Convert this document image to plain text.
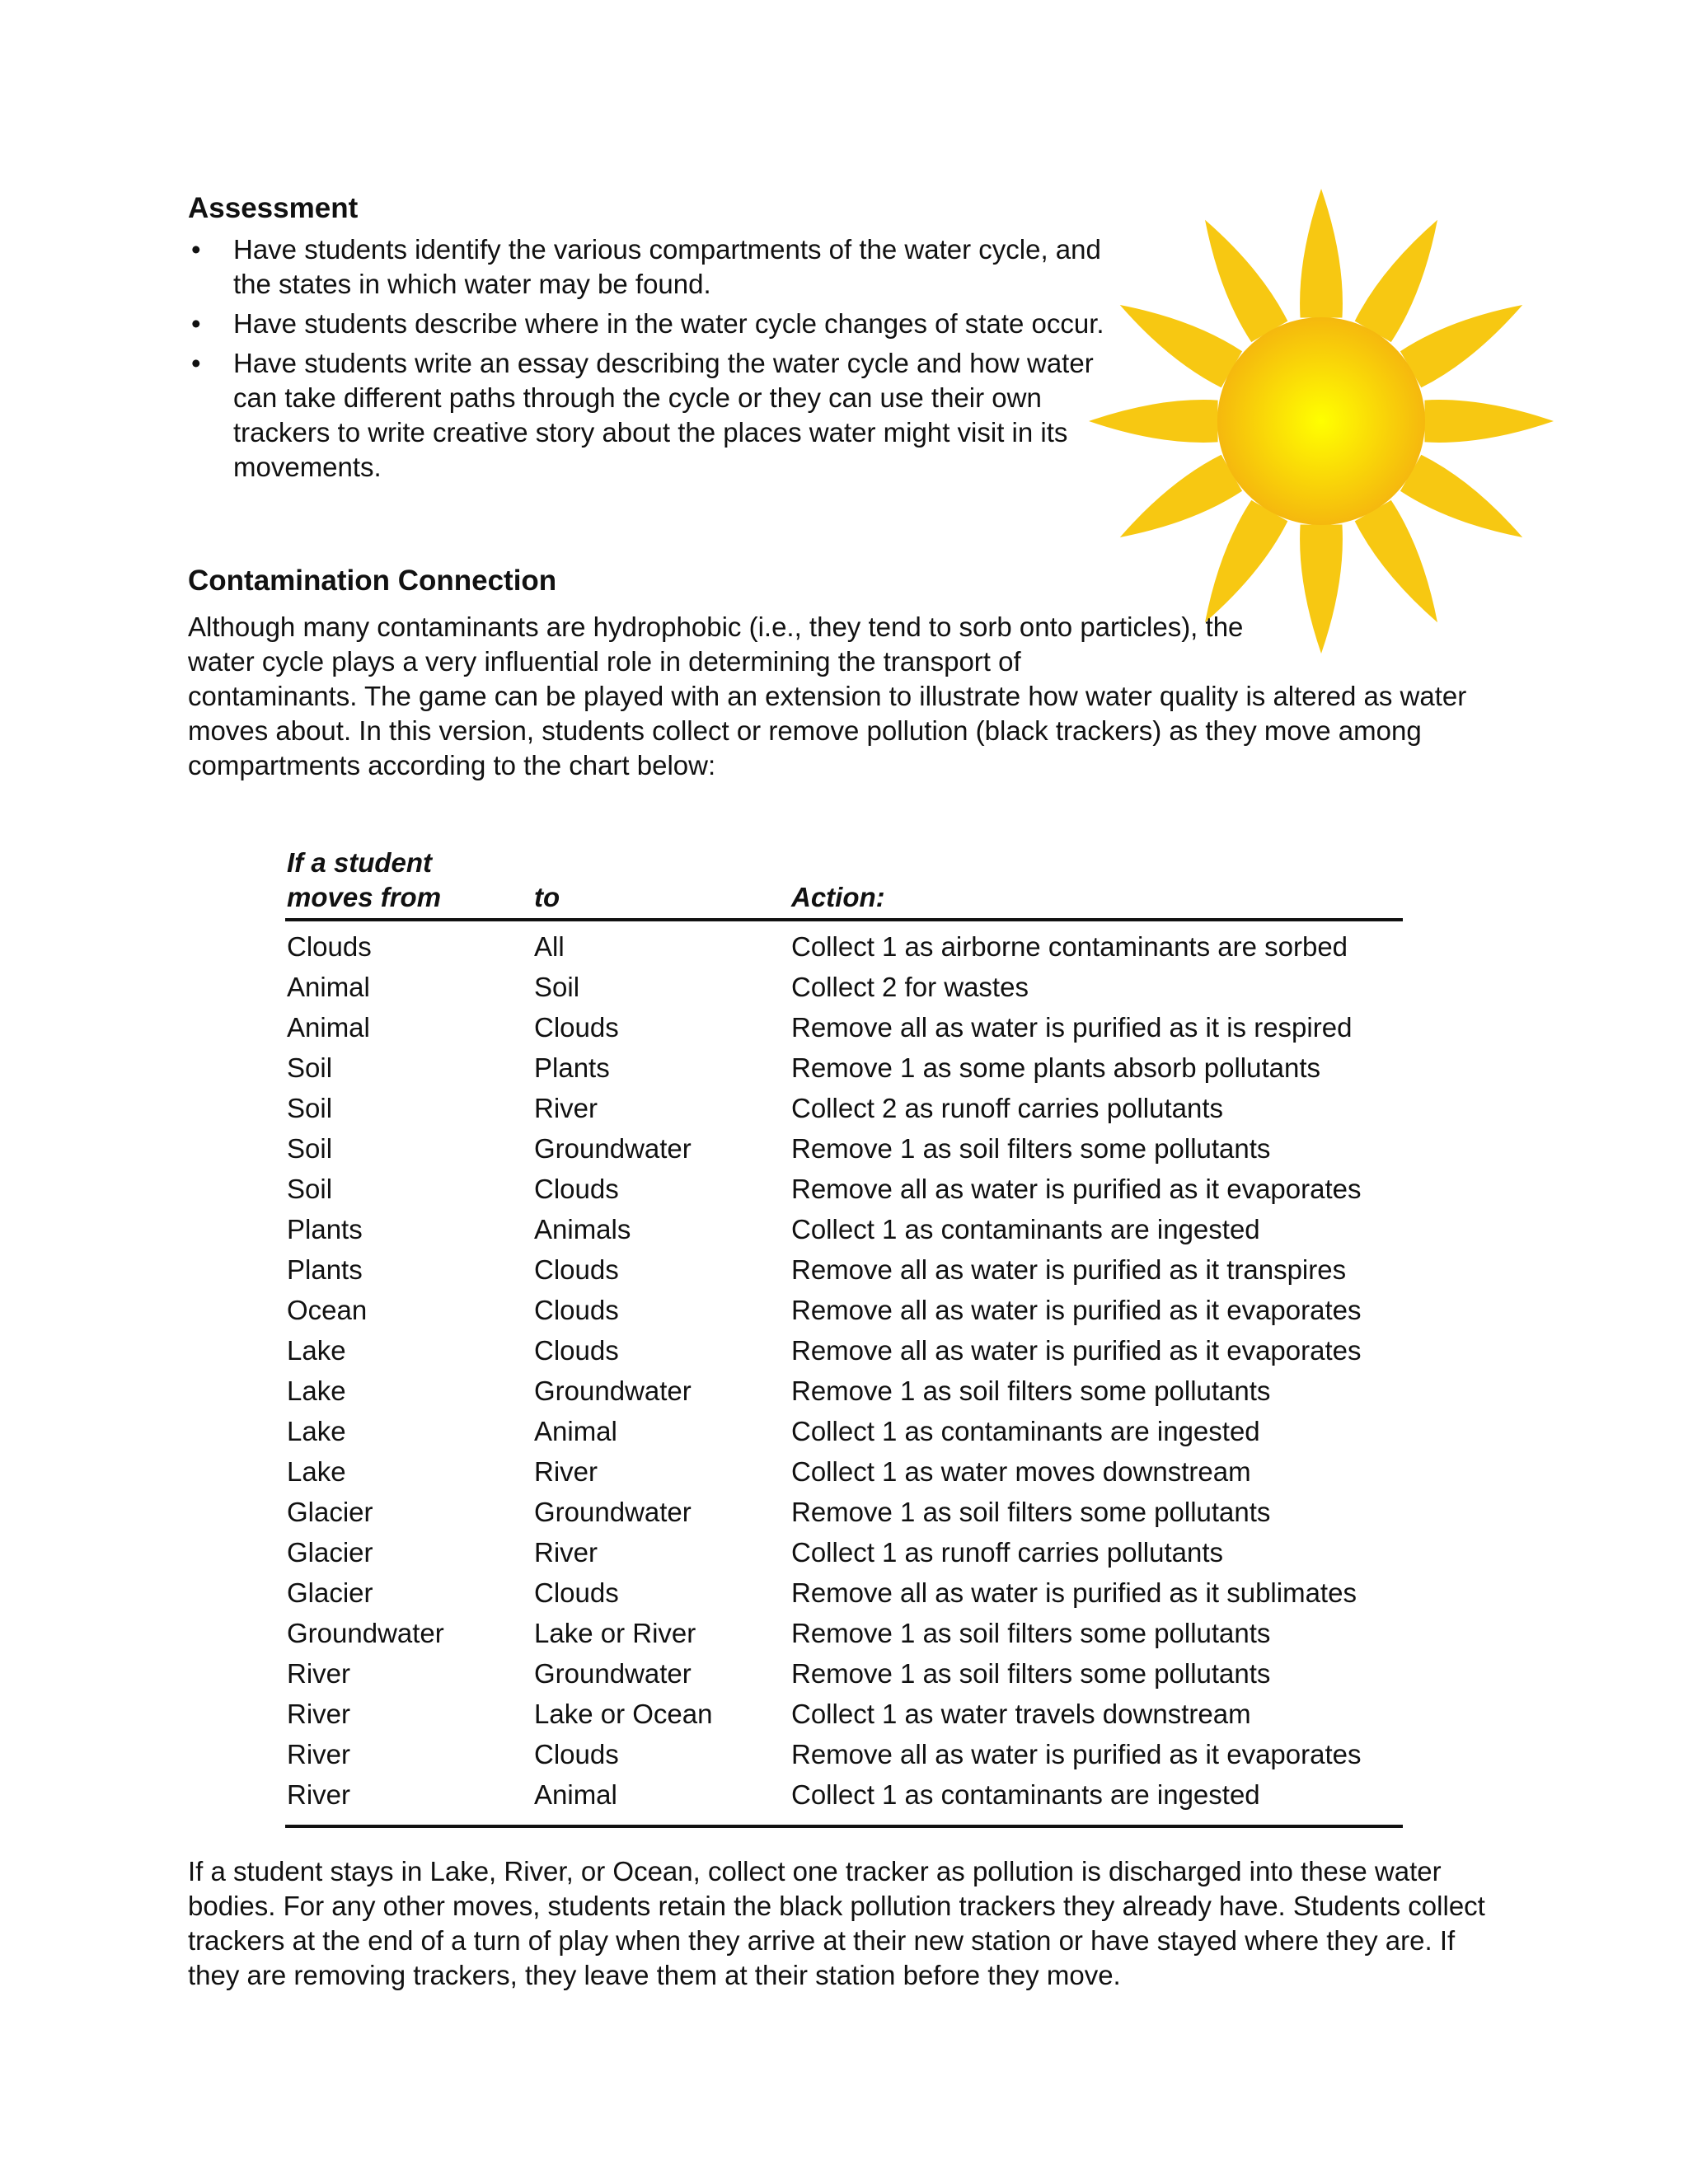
Assessment
• Have students identify the various compartments of the water cycle, and the states in which water may be found.
• Have students describe where in the water cycle changes of state occur.
• Have students write an essay describing the water cycle and how water can take different paths through the cycle or they can use their own trackers to write creative story about the places water might visit in its movements.
Contamination Connection

Although many contaminants are hydrophobic (i.e., they tend to sorb onto particles), the water cycle plays a very influential role in determining the transport of

contaminants. The game can be played with an extension to illustrate how water quality is altered as water moves about. In this version, students collect or remove pollution (black trackers) as they move among compartments according to the chart below:

If a student
moves from	to	Action:
Clouds	All	Collect 1 as airborne contaminants are sorbed
Animal	Soil	Collect 2 for wastes
Animal	Clouds	Remove all as water is purified as it is respired
Soil	Plants	Remove 1 as some plants absorb pollutants
Soil	River	Collect 2 as runoff carries pollutants
Soil	Groundwater	Remove 1 as soil filters some pollutants
Soil	Clouds	Remove all as water is purified as it evaporates
Plants	Animals	Collect 1 as contaminants are ingested
Plants	Clouds	Remove all as water is purified as it transpires
Ocean	Clouds	Remove all as water is purified as it evaporates
Lake	Clouds	Remove all as water is purified as it evaporates
Lake	Groundwater	Remove 1 as soil filters some pollutants
Lake	Animal	Collect 1 as contaminants are ingested
Lake	River	Collect 1 as water moves downstream
Glacier	Groundwater	Remove 1 as soil filters some pollutants
Glacier	River	Collect 1 as runoff carries pollutants
Glacier	Clouds	Remove all as water is purified as it sublimates
Groundwater	Lake or River	Remove 1 as soil filters some pollutants
River	Groundwater	Remove 1 as soil filters some pollutants
River	Lake or Ocean	Collect 1 as water travels downstream
River	Clouds	Remove all as water is purified as it evaporates
River	Animal	Collect 1 as contaminants are ingested

If a student stays in Lake, River, or Ocean, collect one tracker as pollution is discharged into these water bodies. For any other moves, students retain the black pollution trackers they already have. Students collect trackers at the end of a turn of play when they arrive at their new station or have stayed where they are. If they are removing trackers, they leave them at their station before they move.
